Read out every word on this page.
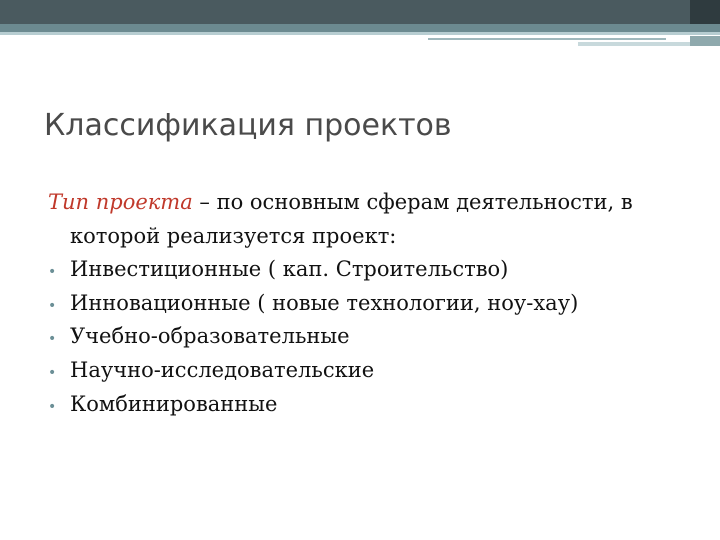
Классификация проектов

Тип проекта – по основным сферам деятельности, в которой реализуется проект:

• Инвестиционные ( кап. Строительство)
• Инновационные ( новые технологии, ноу-хау)
• Учебно-образовательные
• Научно-исследовательские
• Комбинированные
